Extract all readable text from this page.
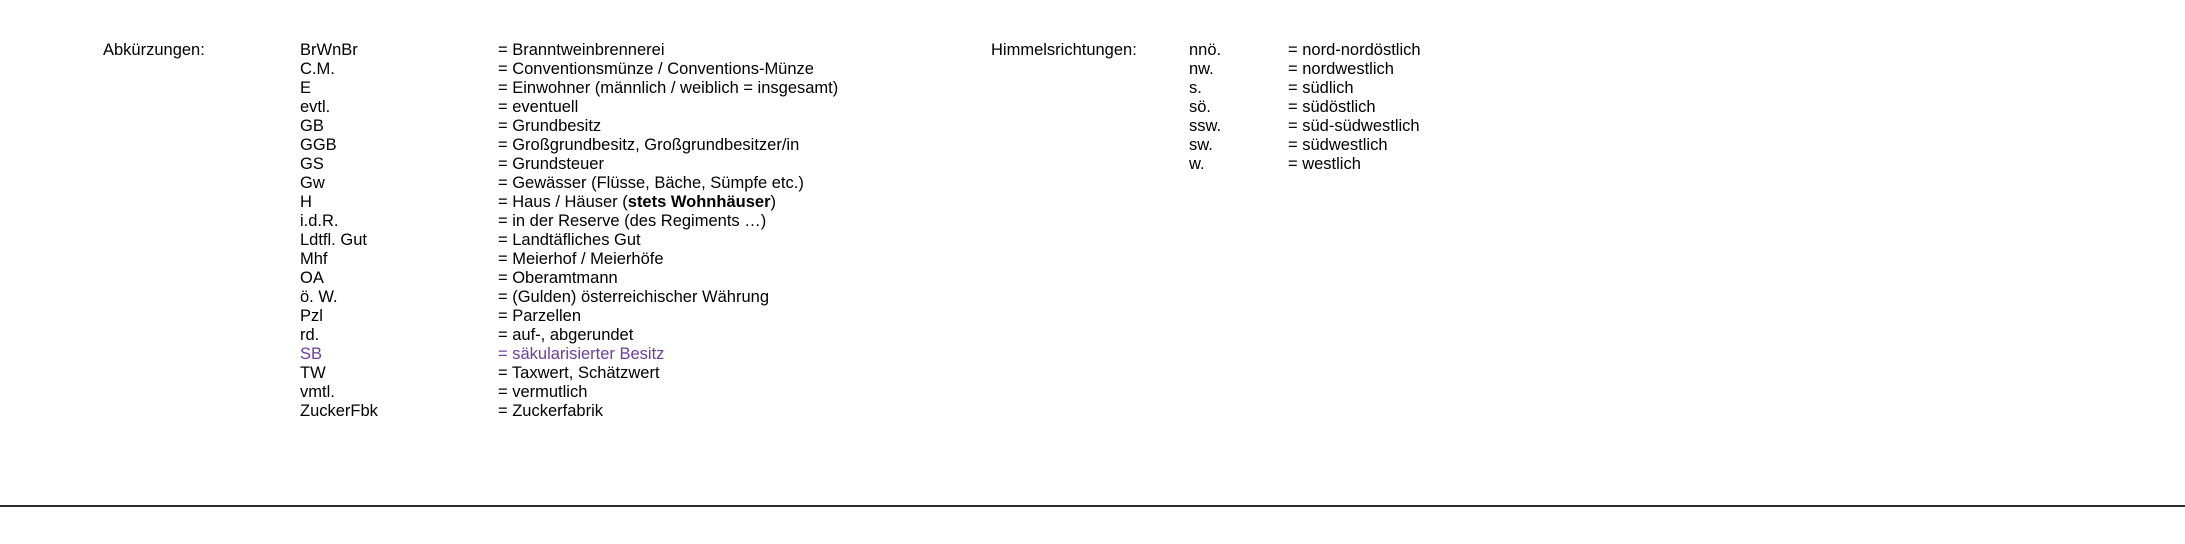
Abkürzungen:	BrWnBr	= Branntweinbrennerei
C.M.	= Conventionsmünze / Conventions-Münze
E	= Einwohner (männlich / weiblich = insgesamt)
evtl.	= eventuell
GB	= Grundbesitz
GGB	= Großgrundbesitz, Großgrundbesitzer/in
GS	= Grundsteuer
Gw	= Gewässer (Flüsse, Bäche, Sümpfe etc.)
H	= Haus / Häuser (stets Wohnhäuser)
i.d.R.	= in der Reserve (des Regiments …)
Ldtfl. Gut	= Landtäfliches Gut
Mhf	= Meierhof / Meierhöfe
OA	= Oberamtmann
ö. W.	= (Gulden) österreichischer Währung
Pzl	= Parzellen
rd.	= auf-, abgerundet
SB	= säkularisierter Besitz
TW	= Taxwert, Schätzwert
vmtl.	= vermutlich
ZuckerFbk	= Zuckerfabrik
Himmelsrichtungen:	nnö.	= nord-nordöstlich
nw.	= nordwestlich
s.	= südlich
sö.	= südöstlich
ssw.	= süd-südwestlich
sw.	= südwestlich
w.	= westlich
